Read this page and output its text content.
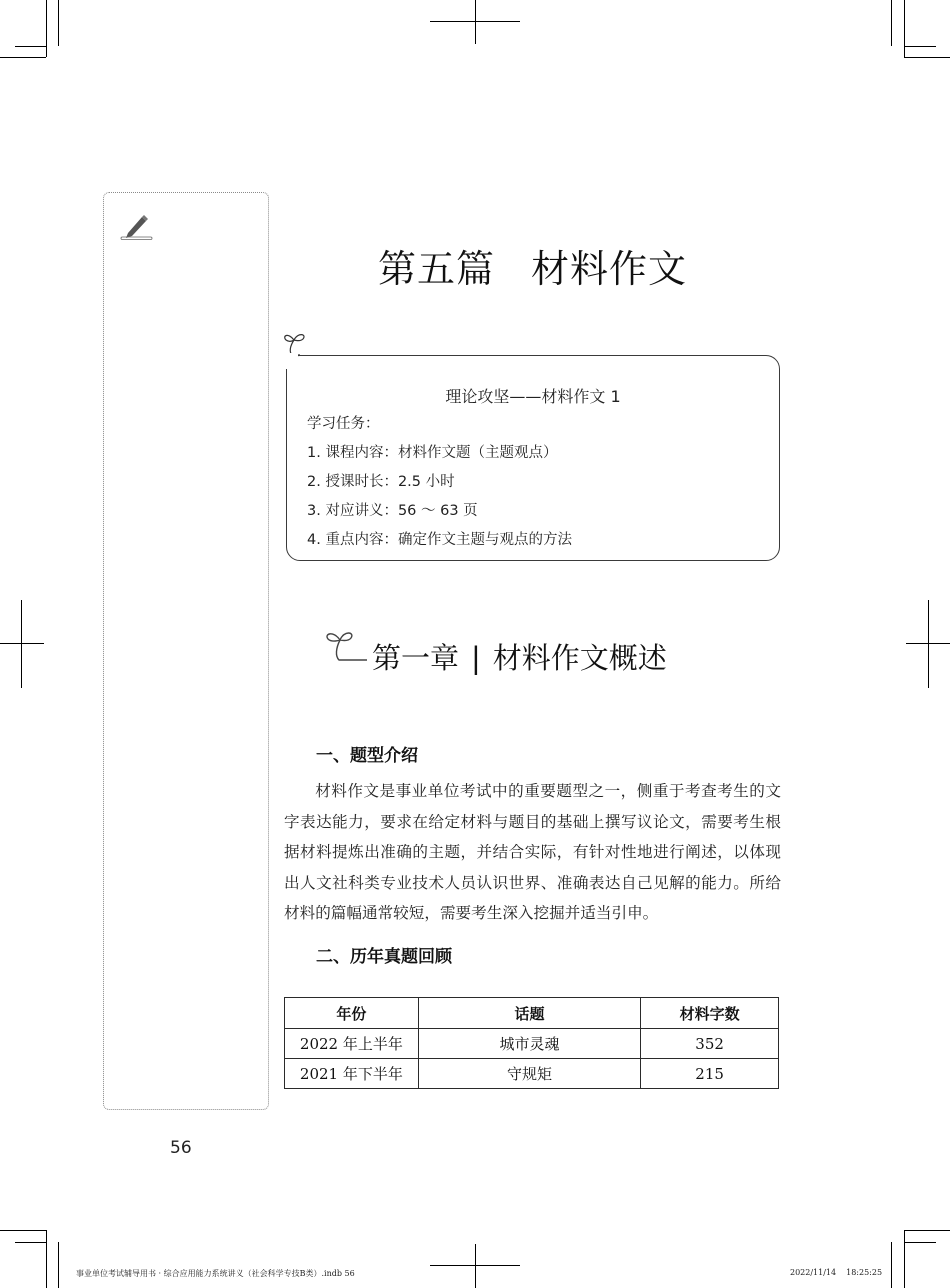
第五篇 材料作文
理论攻坚——材料作文 1
学习任务：
1. 课程内容：材料作文题（主题观点）
2. 授课时长：2.5 小时
3. 对应讲义：56 ～ 63 页
4. 重点内容：确定作文主题与观点的方法
第一章 | 材料作文概述
一、题型介绍
材料作文是事业单位考试中的重要题型之一，侧重于考查考生的文字表达能力，要求在给定材料与题目的基础上撰写议论文，需要考生根据材料提炼出准确的主题，并结合实际，有针对性地进行阐述，以体现出人文社科类专业技术人员认识世界、准确表达自己见解的能力。所给材料的篇幅通常较短，需要考生深入挖掘并适当引申。
二、历年真题回顾
年份	话题	材料字数
2022 年上半年	城市灵魂	352
2021 年下半年	守规矩	215
56
事业单位考试辅导用书 · 综合应用能力系统讲义（社会科学专技B类）.indb 56	2022/11/14 18:25:25
